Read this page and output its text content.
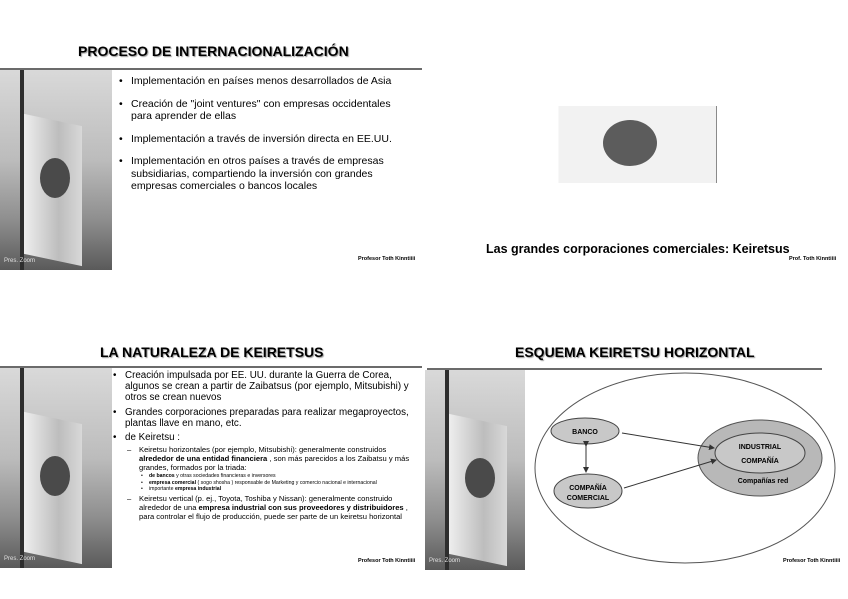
PROCESO DE INTERNACIONALIZACIÓN
Pres. Zoom
• Implementación en países menos desarrollados de Asia
• Creación de "joint ventures" con empresas occidentales para aprender de ellas
• Implementación a través de inversión directa en EE.UU.
• Implementación en otros países a través de empresas subsidiarias, compartiendo la inversión con grandes empresas comerciales o bancos locales
Profesor Toth Kinntiiii
Las grandes corporaciones comerciales: Keiretsus
Prof. Toth Kinntiiii
LA NATURALEZA DE KEIRETSUS
Pres. Zoom
• Creación impulsada por EE. UU. durante la Guerra de Corea, algunos se crean a partir de Zaibatsus (por ejemplo, Mitsubishi) y otros se crean nuevos
• Grandes corporaciones preparadas para realizar megaproyectos, plantas llave en mano, etc.
• de Keiretsu :
– Keiretsu horizontales (por ejemplo, Mitsubishi): generalmente construidos alrededor de una entidad financiera , son más parecidos a los Zaibatsu y más grandes, formados por la triada:
• de bancos y otras sociedades financieras e inversores
• empresa comercial ( sogo shosha ) responsable de Marketing y comercio nacional e internacional
• importante empresa industrial
– Keiretsu vertical (p. ej., Toyota, Toshiba y Nissan): generalmente construido alrededor de una empresa industrial con sus proveedores y distribuidores , para controlar el flujo de producción, puede ser parte de un keiretsu horizontal
Profesor Toth Kinntiiii
ESQUEMA KEIRETSU HORIZONTAL
Pres. Zoom
BANCO
INDUSTRIAL
COMPAÑÍA
Compañías red
COMPAÑÍA
COMERCIAL
Profesor Toth Kinntiiii
